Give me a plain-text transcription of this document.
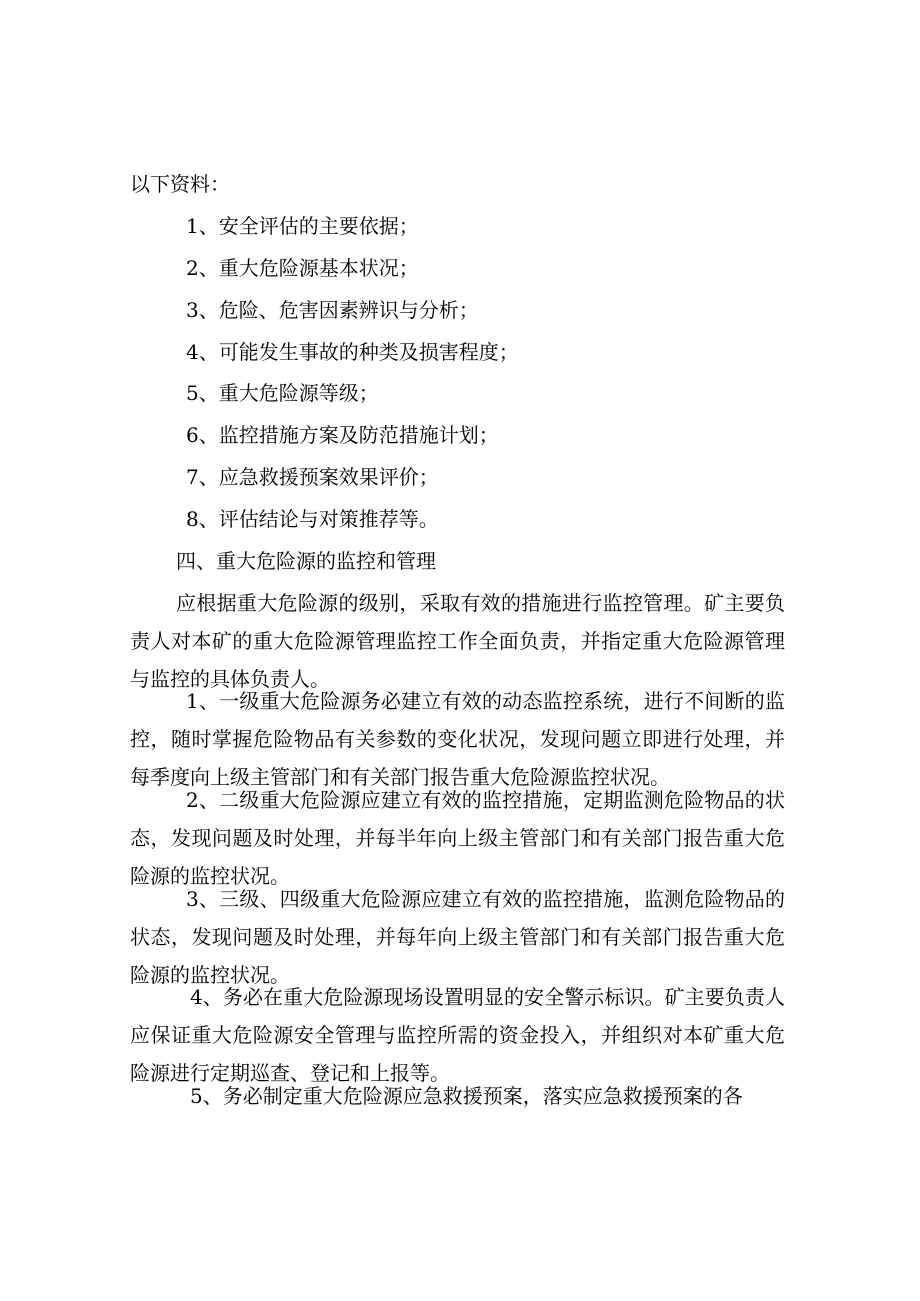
以下资料：
1、安全评估的主要依据；
2、重大危险源基本状况；
3、危险、危害因素辨识与分析；
4、可能发生事故的种类及损害程度；
5、重大危险源等级；
6、监控措施方案及防范措施计划；
7、应急救援预案效果评价；
8、评估结论与对策推荐等。
四、重大危险源的监控和管理
应根据重大危险源的级别，采取有效的措施进行监控管理。矿主要负责人对本矿的重大危险源管理监控工作全面负责，并指定重大危险源管理与监控的具体负责人。
1、一级重大危险源务必建立有效的动态监控系统，进行不间断的监控，随时掌握危险物品有关参数的变化状况，发现问题立即进行处理，并每季度向上级主管部门和有关部门报告重大危险源监控状况。
2、二级重大危险源应建立有效的监控措施，定期监测危险物品的状态，发现问题及时处理，并每半年向上级主管部门和有关部门报告重大危险源的监控状况。
3、三级、四级重大危险源应建立有效的监控措施，监测危险物品的状态，发现问题及时处理，并每年向上级主管部门和有关部门报告重大危险源的监控状况。
4、务必在重大危险源现场设置明显的安全警示标识。矿主要负责人应保证重大危险源安全管理与监控所需的资金投入，并组织对本矿重大危险源进行定期巡查、登记和上报等。
5、务必制定重大危险源应急救援预案，落实应急救援预案的各
